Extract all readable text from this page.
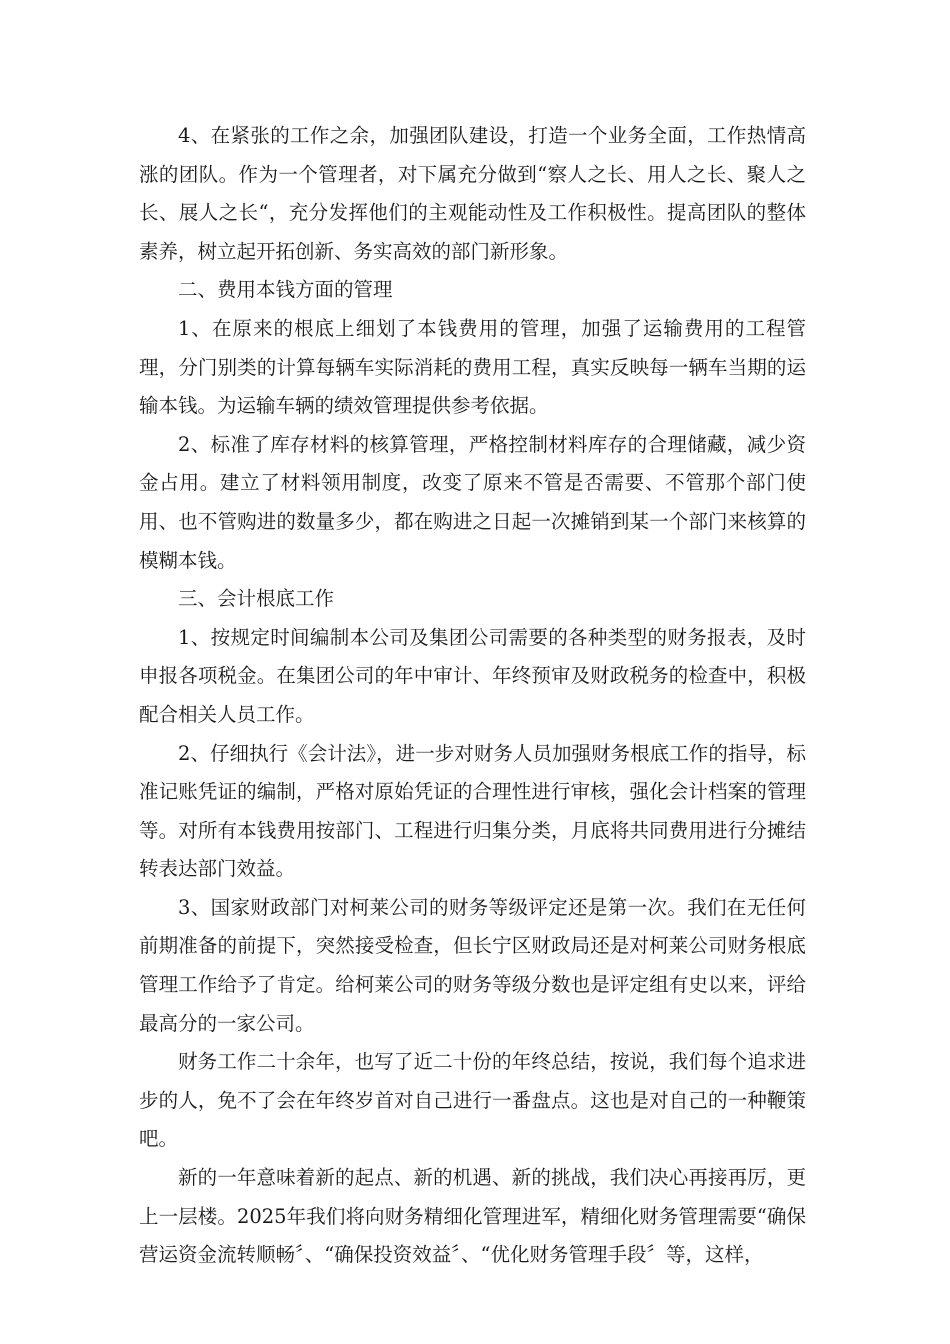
4、在紧张的工作之余，加强团队建设，打造一个业务全面，工作热情高涨的团队。作为一个管理者，对下属充分做到“察人之长、用人之长、聚人之长、展人之长“，充分发挥他们的主观能动性及工作积极性。提高团队的整体素养，树立起开拓创新、务实高效的部门新形象。

二、费用本钱方面的管理

1、在原来的根底上细划了本钱费用的管理，加强了运输费用的工程管理，分门别类的计算每辆车实际消耗的费用工程，真实反映每一辆车当期的运输本钱。为运输车辆的绩效管理提供参考依据。

2、标准了库存材料的核算管理，严格控制材料库存的合理储藏，减少资金占用。建立了材料领用制度，改变了原来不管是否需要、不管那个部门使用、也不管购进的数量多少，都在购进之日起一次摊销到某一个部门来核算的模糊本钱。

三、会计根底工作

1、按规定时间编制本公司及集团公司需要的各种类型的财务报表，及时申报各项税金。在集团公司的年中审计、年终预审及财政税务的检查中，积极配合相关人员工作。

2、仔细执行《会计法》，进一步对财务人员加强财务根底工作的指导，标准记账凭证的编制，严格对原始凭证的合理性进行审核，强化会计档案的管理等。对所有本钱费用按部门、工程进行归集分类，月底将共同费用进行分摊结转表达部门效益。

3、国家财政部门对柯莱公司的财务等级评定还是第一次。我们在无任何前期准备的前提下，突然接受检查，但长宁区财政局还是对柯莱公司财务根底管理工作给予了肯定。给柯莱公司的财务等级分数也是评定组有史以来，评给最高分的一家公司。

财务工作二十余年，也写了近二十份的年终总结，按说，我们每个追求进步的人，免不了会在年终岁首对自己进行一番盘点。这也是对自己的一种鞭策吧。

新的一年意味着新的起点、新的机遇、新的挑战，我们决心再接再厉，更上一层楼。2025年我们将向财务精细化管理进军，精细化财务管理需要“确保营运资金流转顺畅〞、“确保投资效益〞、“优化财务管理手段〞等，这样，
